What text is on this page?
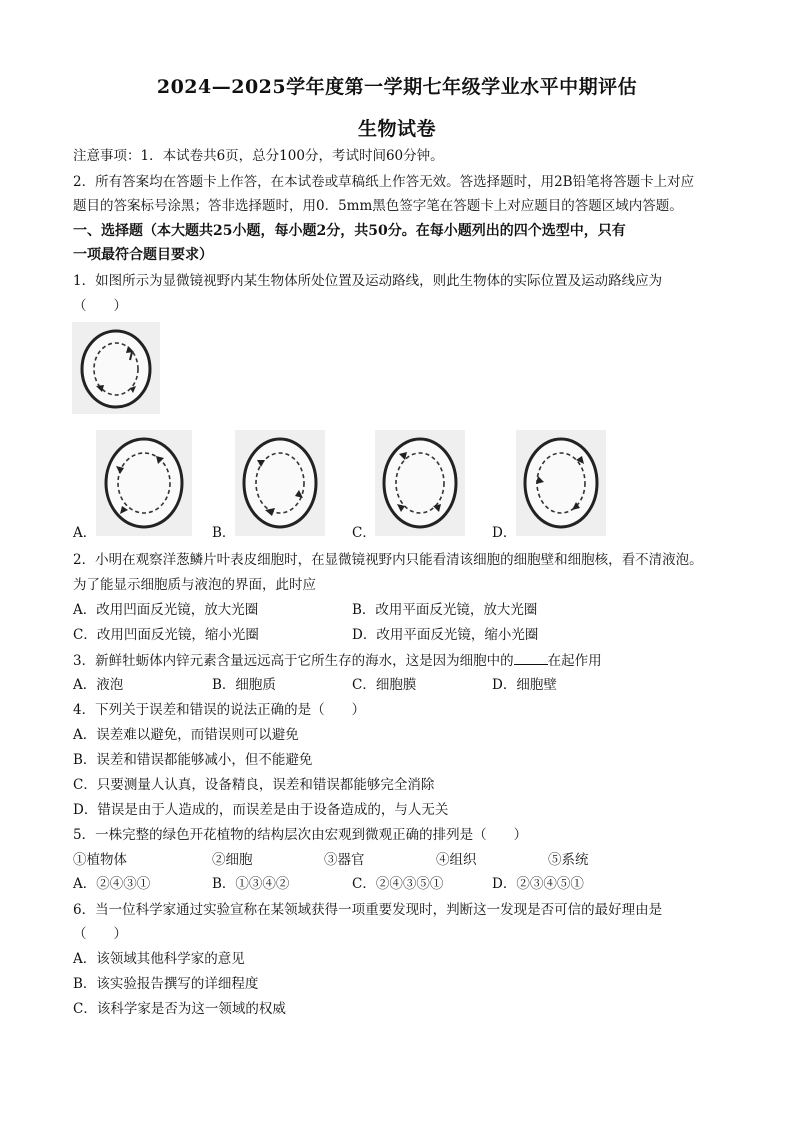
2024—2025学年度第一学期七年级学业水平中期评估
生物试卷
注意事项：1．本试卷共6页，总分100分，考试时间60分钟。
2．所有答案均在答题卡上作答，在本试卷或草稿纸上作答无效。答选择题时，用2B铅笔将答题卡上对应
题目的答案标号涂黑；答非选择题时，用0．5mm黑色签字笔在答题卡上对应题目的答题区域内答题。
一、选择题（本大题共25小题，每小题2分，共50分。在每小题列出的四个选型中，只有
一项最符合题目要求）
1．如图所示为显微镜视野内某生物体所处位置及运动路线，则此生物体的实际位置及运动路线应为
（　　）
A．	B．	C．	D．
2．小明在观察洋葱鳞片叶表皮细胞时，在显微镜视野内只能看清该细胞的细胞壁和细胞核，看不清液泡。
为了能显示细胞质与液泡的界面，此时应
A．改用凹面反光镜，放大光圈	B．改用平面反光镜，放大光圈
C．改用凹面反光镜，缩小光圈	D．改用平面反光镜，缩小光圈
3．新鲜牡蛎体内锌元素含量远远高于它所生存的海水，这是因为细胞中的	在起作用
A．液泡	B．细胞质	C．细胞膜	D．细胞壁
4．下列关于误差和错误的说法正确的是（　　）
A．误差难以避免，而错误则可以避免
B．误差和错误都能够减小，但不能避免
C．只要测量人认真，设备精良，误差和错误都能够完全消除
D．错误是由于人造成的，而误差是由于设备造成的，与人无关
5．一株完整的绿色开花植物的结构层次由宏观到微观正确的排列是（　　）
①植物体	②细胞	③器官	④组织	⑤系统
A．②④③①	B．①③④②	C．②④③⑤①	D．②③④⑤①
6．当一位科学家通过实验宣称在某领域获得一项重要发现时，判断这一发现是否可信的最好理由是
（　　）
A．该领域其他科学家的意见
B．该实验报告撰写的详细程度
C．该科学家是否为这一领域的权威
